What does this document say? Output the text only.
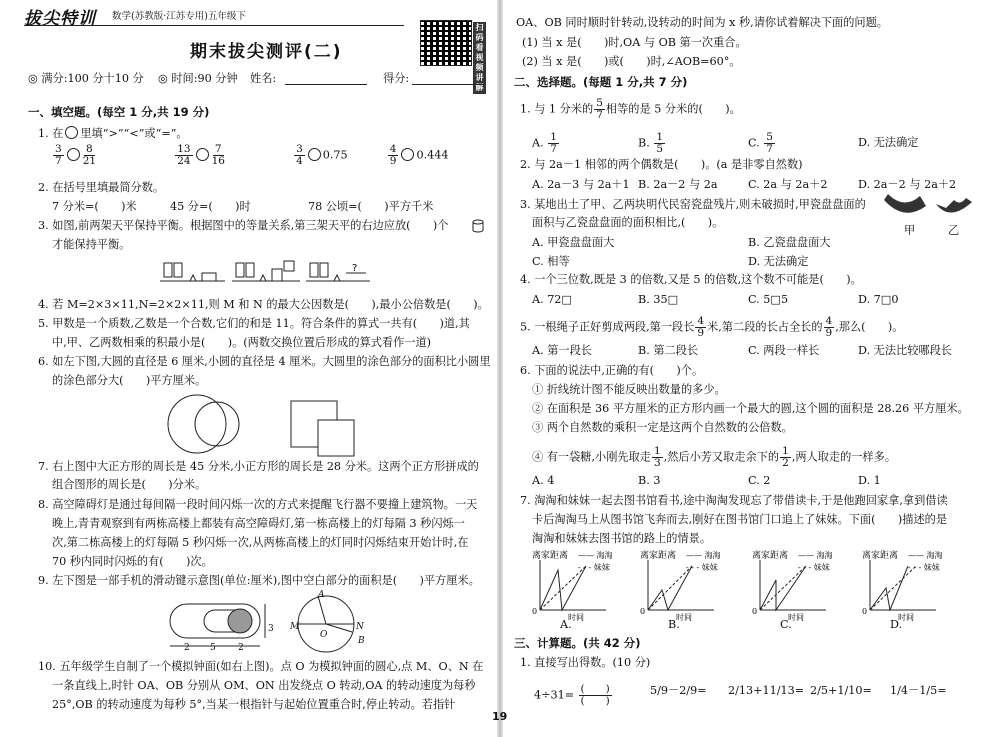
拔尖特训 数学(苏教版·江苏专用)五年级下
扫码看视频讲解
期末拔尖测评(二)
◎ 满分:100 分十10 分 ◎ 时间:90 分钟 姓名:	得分:
一、填空题。(每空 1 分,共 19 分)
1. 在 里填“>”“<”或“=”。
$\frac{3}{7} \frac{8}{21}$
	$\frac{13}{24} \frac{7}{16}$
	$\frac{3}{4} 0.75$	$\frac{4}{9} 0.444$
2. 在括号里填最简分数。
7 分米=(　　)米	45 分=(　　)时	78 公顷=(　　)平方千米
3. 如图,前两架天平保持平衡。根据图中的等量关系,第三架天平的右边应放(　　)个
才能保持平衡。
?
4. 若 M=2×3×11,N=2×2×11,则 M 和 N 的最大公因数是(　　),最小公倍数是(　　)。
5. 甲数是一个质数,乙数是一个合数,它们的和是 11。符合条件的算式一共有(　　)道,其
中,甲、乙两数相乘的积最小是(　　)。(两数交换位置后形成的算式看作一道)
6. 如左下图,大圆的直径是 6 厘米,小圆的直径是 4 厘米。大圆里的涂色部分的面积比小圆里
的涂色部分大(　　)平方厘米。
7. 右上图中大正方形的周长是 45 分米,小正方形的周长是 28 分米。这两个正方形拼成的
组合图形的周长是(　　)分米。
8. 高空障碍灯是通过每间隔一段时间闪烁一次的方式来提醒飞行器不要撞上建筑物。一天
晚上,青青观察到有两栋高楼上都装有高空障碍灯,第一栋高楼上的灯每隔 3 秒闪烁一
次,第二栋高楼上的灯每隔 5 秒闪烁一次,从两栋高楼上的灯同时闪烁结束开始计时,在
70 秒内同时闪烁的有(　　)次。
9. 左下图是一部手机的滑动键示意图(单位:厘米),图中空白部分的面积是(　　)平方厘米。
2 5 2
3
A
B
M
O
N
10. 五年级学生自制了一个模拟钟面(如右上图)。点 O 为模拟钟面的圆心,点 M、O、N 在
一条直线上,时针 OA、OB 分别从 OM、ON 出发绕点 O 转动,OA 的转动速度为每秒
25°,OB 的转动速度为每秒 5°,当某一根指针与起始位置重合时,停止转动。若指针
OA、OB 同时顺时针转动,设转动的时间为 x 秒,请你试着解决下面的问题。
(1) 当 x 是(　　)时,OA 与 OB 第一次重合。
(2) 当 x 是(　　)或(　　)时,∠AOB=60°。
二、选择题。(每题 1 分,共 7 分)
1. 与 1 分米的 $\frac{5}{7}$ 相等的是 5 分米的(　　)。
A. $\frac{1}{7}$	B. $\frac{1}{5}$	C. $\frac{5}{7}$	D. 无法确定
2. 与 2a－1 相邻的两个偶数是(　　)。(a 是非零自然数)
A. 2a－3 与 2a＋1 B. 2a－2 与 2a	C. 2a 与 2a＋2	D. 2a－2 与 2a＋2
3. 某地出土了甲、乙两块明代民窑瓷盘残片,则未破损时,甲瓷盘盘面的
面积与乙瓷盘盘面的面积相比,(　　)。
A. 甲瓷盘盘面大	B. 乙瓷盘盘面大
C. 相等	D. 无法确定
甲	乙
4. 一个三位数,既是 3 的倍数,又是 5 的倍数,这个数不可能是(　　)。
A. 72□	B. 35□	C. 5□5	D. 7□0
5. 一根绳子正好剪成两段,第一段长 $\frac{4}{9}$ 米,第二段的长占全长的 $\frac{4}{9}$ ,那么(　　)。
A. 第一段长	B. 第二段长	C. 两段一样长	D. 无法比较哪段长
6. 下面的说法中,正确的有(　　)个。
① 折线统计图不能反映出数量的多少。
② 在面积是 36 平方厘米的正方形内画一个最大的圆,这个圆的面积是 28.26 平方厘米。
③ 两个自然数的乘积一定是这两个自然数的公倍数。
④ 有一袋糖,小刚先取走 $\frac{1}{3}$ ,然后小芳又取走余下的 $\frac{1}{2}$ ,两人取走的一样多。
A. 4	B. 3	C. 2	D. 1
7. 淘淘和妹妹一起去图书馆看书,途中淘淘发现忘了带借读卡,于是他跑回家拿,拿到借读
卡后淘淘马上从图书馆飞奔而去,刚好在图书馆门口追上了妹妹。下面(　　)描述的是
淘淘和妹妹去图书馆的路上的情景。
离家距离 —— 淘淘
- - - 妹妹
0
时间
A.
离家距离 —— 淘淘
- - - 妹妹
0
时间
B.
离家距离 —— 淘淘
- - - 妹妹
0
时间
C.
离家距离 —— 淘淘
- - - 妹妹
0
时间
D.
三、计算题。(共 42 分)
1. 直接写出得数。(10 分)
$4\div 31= \frac{( )}{( )}$	5/9－2/9= 2/13+11/13= 2/5+1/10= 1/4－1/5=
19
